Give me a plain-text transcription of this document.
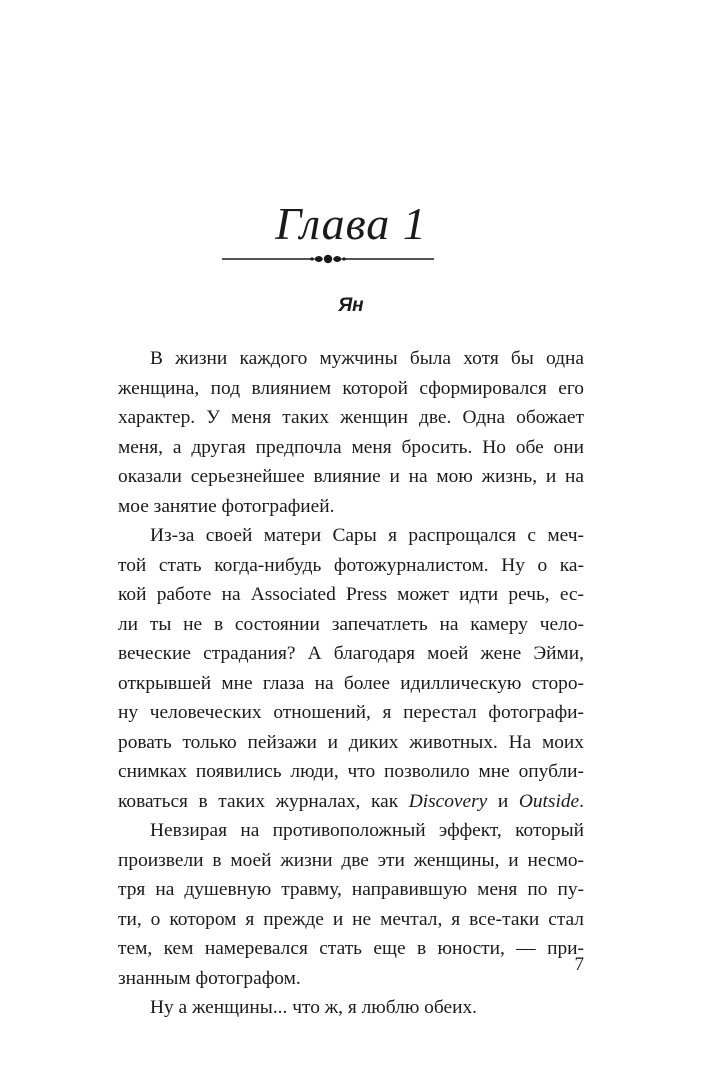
Глава 1
Ян

В жизни каждого мужчины была хотя бы одна
женщина, под влиянием которой сформировался его
характер. У меня таких женщин две. Одна обожает
меня, а другая предпочла меня бросить. Но обе они
оказали серьезнейшее влияние и на мою жизнь, и на
мое занятие фотографией.

Из-за своей матери Сары я распрощался с меч-
той стать когда-нибудь фотожурналистом. Ну о ка-
кой работе на Associated Press может идти речь, ес-
ли ты не в состоянии запечатлеть на камеру чело-
веческие страдания? А благодаря моей жене Эйми,
открывшей мне глаза на более идиллическую сторо-
ну человеческих отношений, я перестал фотографи-
ровать только пейзажи и диких животных. На моих
снимках появились люди, что позволило мне опубли-
коваться в таких журналах, как Discovery и Outside.

Невзирая на противоположный эффект, который
произвели в моей жизни две эти женщины, и несмо-
тря на душевную травму, направившую меня по пу-
ти, о котором я прежде и не мечтал, я все-таки стал
тем, кем намеревался стать еще в юности, — при-
знанным фотографом.

Ну а женщины... что ж, я люблю обеих.

7
